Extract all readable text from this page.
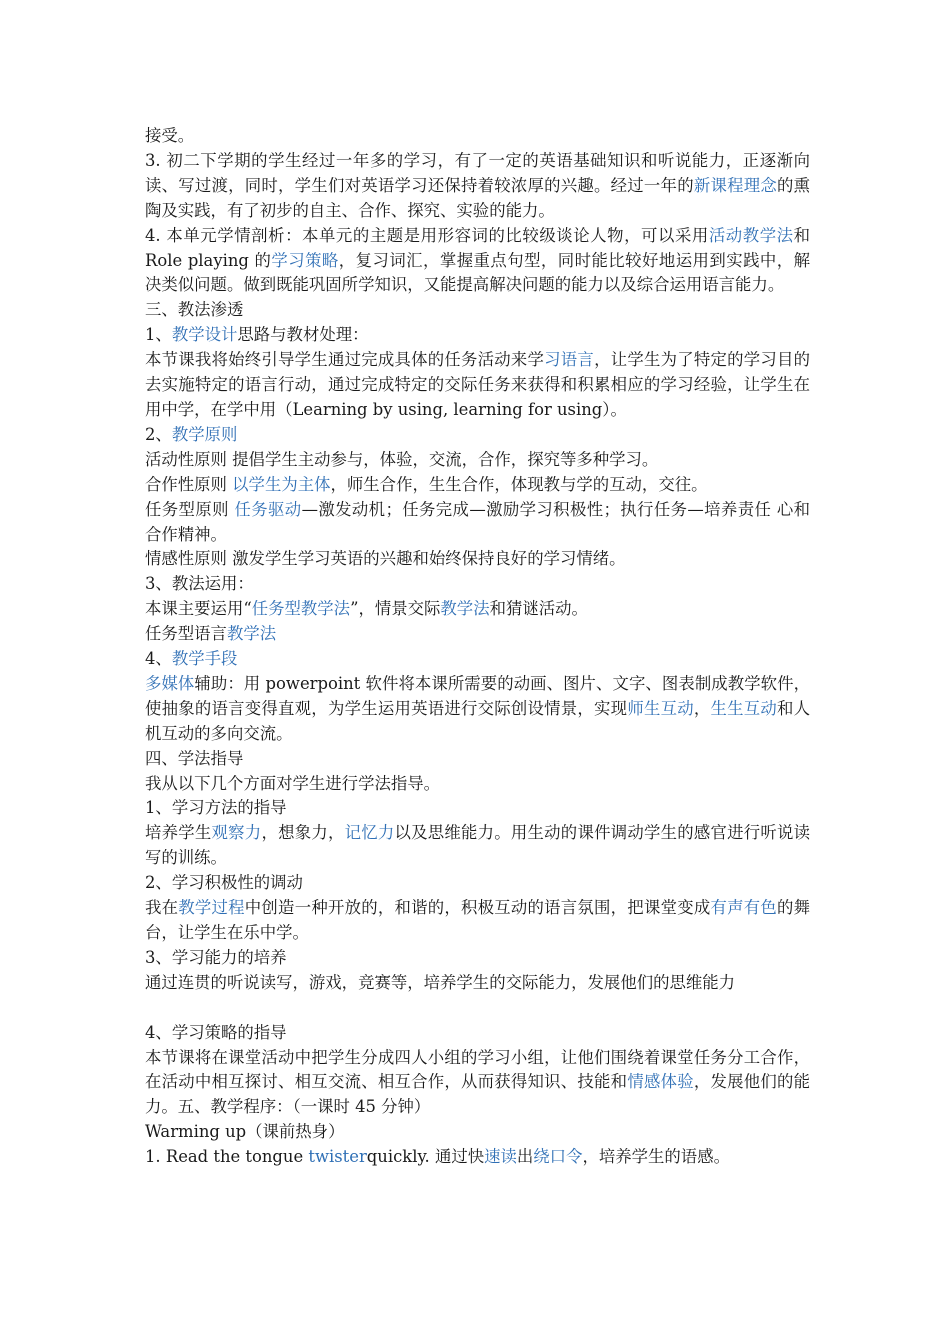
接受。
3. 初二下学期的学生经过一年多的学习，有了一定的英语基础知识和听说能力，正逐渐向读、写过渡，同时，学生们对英语学习还保持着较浓厚的兴趣。经过一年的新课程理念的熏陶及实践，有了初步的自主、合作、探究、实验的能力。
4. 本单元学情剖析：本单元的主题是用形容词的比较级谈论人物，可以采用活动教学法和 Role playing 的学习策略，复习词汇，掌握重点句型，同时能比较好地运用到实践中，解决类似问题。做到既能巩固所学知识，又能提高解决问题的能力以及综合运用语言能力。
三、教法渗透
1、教学设计思路与教材处理：
本节课我将始终引导学生通过完成具体的任务活动来学习语言，让学生为了特定的学习目的去实施特定的语言行动，通过完成特定的交际任务来获得和积累相应的学习经验，让学生在用中学，在学中用（Learning by using, learning for using）。
2、教学原则
活动性原则 提倡学生主动参与，体验，交流，合作，探究等多种学习。
合作性原则 以学生为主体，师生合作，生生合作，体现教与学的互动，交往。
任务型原则 任务驱动—激发动机；任务完成—激励学习积极性；执行任务—培养责任 心和合作精神。
情感性原则 激发学生学习英语的兴趣和始终保持良好的学习情绪。
3、教法运用：
本课主要运用“任务型教学法”，情景交际教学法和猜谜活动。
任务型语言教学法
4、教学手段
多媒体辅助：用 powerpoint 软件将本课所需要的动画、图片、文字、图表制成教学软件，使抽象的语言变得直观，为学生运用英语进行交际创设情景，实现师生互动，生生互动和人机互动的多向交流。
四、学法指导
我从以下几个方面对学生进行学法指导。
1、学习方法的指导
培养学生观察力，想象力，记忆力以及思维能力。用生动的课件调动学生的感官进行听说读写的训练。
2、学习积极性的调动
我在教学过程中创造一种开放的，和谐的，积极互动的语言氛围，把课堂变成有声有色的舞台，让学生在乐中学。
3、学习能力的培养
通过连贯的听说读写，游戏，竞赛等，培养学生的交际能力，发展他们的思维能力
4、学习策略的指导
本节课将在课堂活动中把学生分成四人小组的学习小组，让他们围绕着课堂任务分工合作，在活动中相互探讨、相互交流、相互合作，从而获得知识、技能和情感体验，发展他们的能力。五、教学程序：（一课时 45 分钟）
Warming up（课前热身）
1. Read the tongue twisterquickly. 通过快速读出绕口令，培养学生的语感。
